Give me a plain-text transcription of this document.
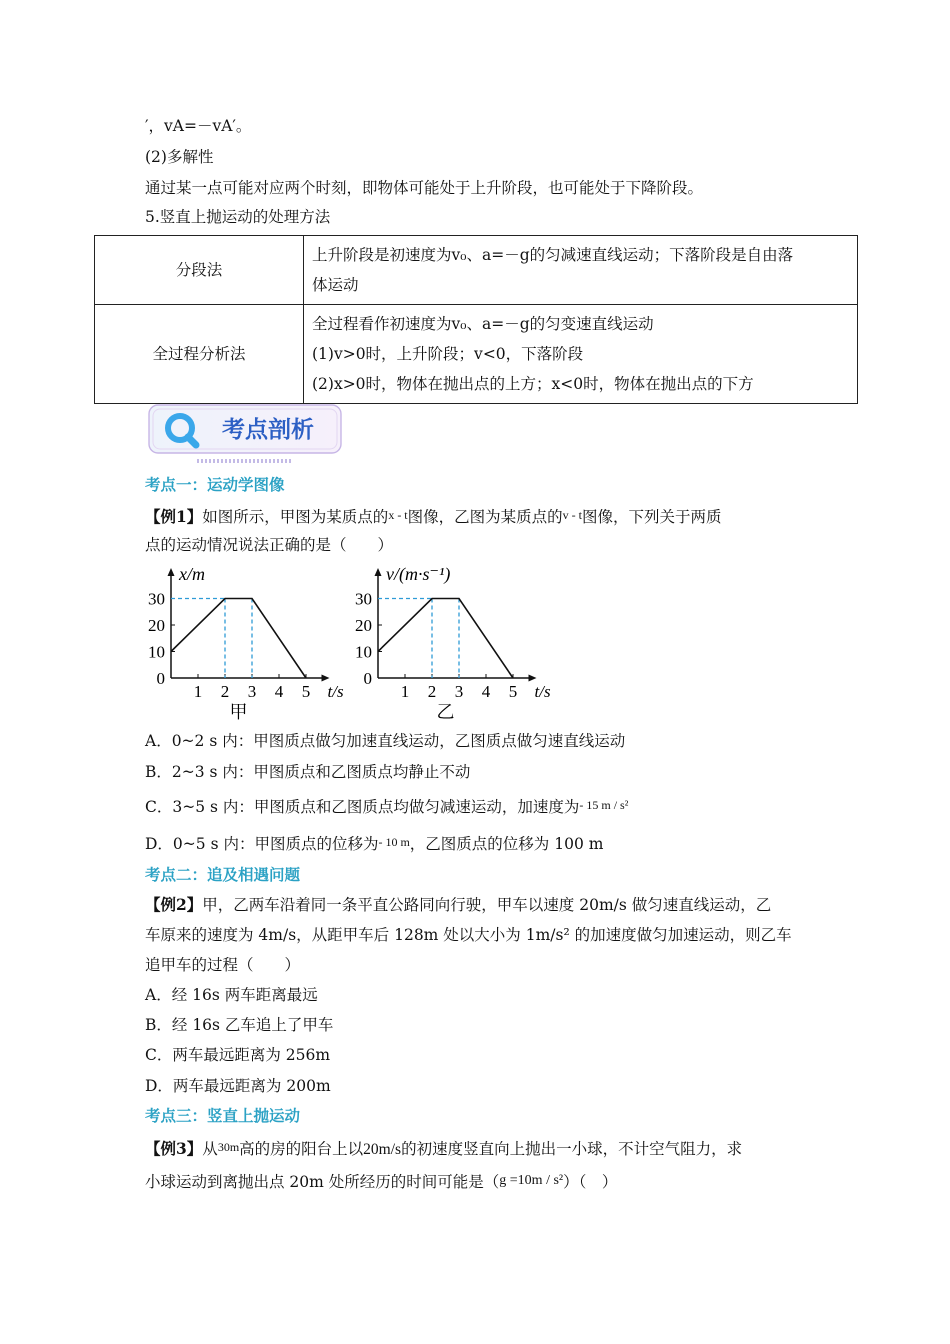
′，vA=－vA′。
(2)多解性
通过某一点可能对应两个时刻，即物体可能处于上升阶段，也可能处于下降阶段。
5.竖直上抛运动的处理方法
分段法	上升阶段是初速度为v₀、a=－g的匀减速直线运动；下落阶段是自由落
体运动

全过程分析法	全过程看作初速度为v₀、a=－g的匀变速直线运动
(1)v>0时，上升阶段；v<0，下落阶段
(2)x>0时，物体在抛出点的上方；x<0时，物体在抛出点的下方
考点剖析
考点一：运动学图像
【例1】如图所示，甲图为某质点的x - t图像，乙图为某质点的v - t图像，下列关于两质
点的运动情况说法正确的是（　　）
30
20
10
0
1 2 3 4 5
x/m
t/s
甲
30
20
10
0
1 2 3 4 5
v/(m·s⁻¹)
t/s
乙
A．0~2 s 内：甲图质点做匀加速直线运动，乙图质点做匀速直线运动
B．2~3 s 内：甲图质点和乙图质点均静止不动
C．3~5 s 内：甲图质点和乙图质点均做匀减速运动，加速度为- 15 m / s²
D．0~5 s 内：甲图质点的位移为- 10 m，乙图质点的位移为 100 m
考点二：追及相遇问题
【例2】甲，乙两车沿着同一条平直公路同向行驶，甲车以速度 20m/s 做匀速直线运动，乙
车原来的速度为 4m/s，从距甲车后 128m 处以大小为 1m/s² 的加速度做匀加速运动，则乙车
追甲车的过程（　　）
A．经 16s 两车距离最远
B．经 16s 乙车追上了甲车
C．两车最远距离为 256m
D．两车最远距离为 200m
考点三：竖直上抛运动
【例3】从30m高的房的阳台上以20m/s的初速度竖直向上抛出一小球，不计空气阻力，求
小球运动到离抛出点 20m 处所经历的时间可能是（g =10m / s²）（　）
